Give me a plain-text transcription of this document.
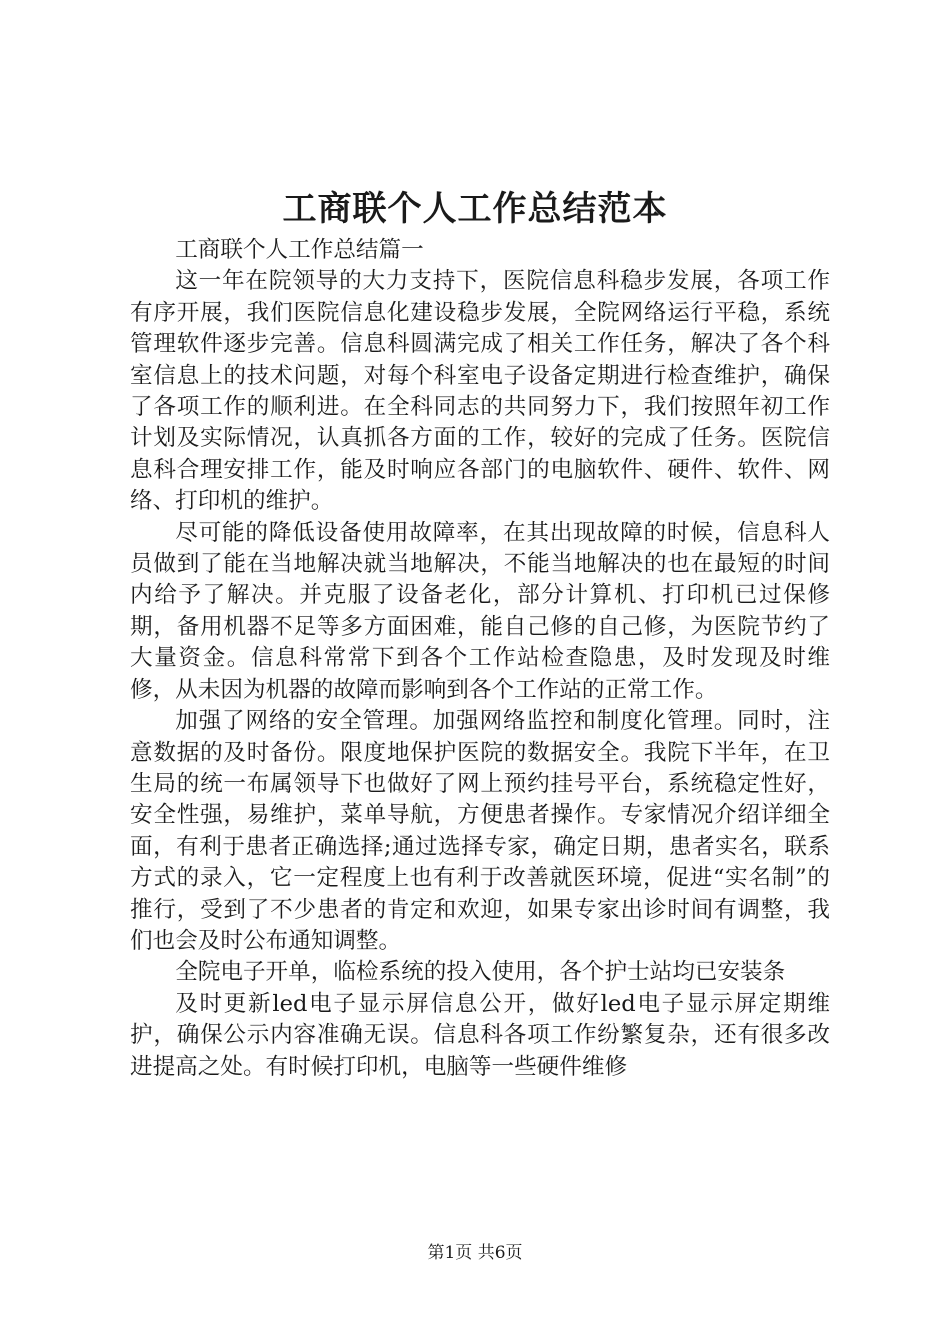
工商联个人工作总结范本

工商联个人工作总结篇一

这一年在院领导的大力支持下，医院信息科稳步发展，各项工作有序开展，我们医院信息化建设稳步发展，全院网络运行平稳，系统管理软件逐步完善。信息科圆满完成了相关工作任务，解决了各个科室信息上的技术问题，对每个科室电子设备定期进行检查维护，确保了各项工作的顺利进。在全科同志的共同努力下，我们按照年初工作计划及实际情况，认真抓各方面的工作，较好的完成了任务。医院信息科合理安排工作，能及时响应各部门的电脑软件、硬件、软件、网络、打印机的维护。

尽可能的降低设备使用故障率，在其出现故障的时候，信息科人员做到了能在当地解决就当地解决，不能当地解决的也在最短的时间内给予了解决。并克服了设备老化，部分计算机、打印机已过保修期，备用机器不足等多方面困难，能自己修的自己修，为医院节约了大量资金。信息科常常下到各个工作站检查隐患，及时发现及时维修，从未因为机器的故障而影响到各个工作站的正常工作。

加强了网络的安全管理。加强网络监控和制度化管理。同时，注意数据的及时备份。限度地保护医院的数据安全。我院下半年，在卫生局的统一布属领导下也做好了网上预约挂号平台，系统稳定性好，安全性强，易维护，菜单导航，方便患者操作。专家情况介绍详细全面，有利于患者正确选择;通过选择专家，确定日期，患者实名，联系方式的录入，它一定程度上也有利于改善就医环境，促进“实名制”的推行，受到了不少患者的肯定和欢迎，如果专家出诊时间有调整，我们也会及时公布通知调整。

全院电子开单，临检系统的投入使用，各个护士站均已安装条

及时更新led电子显示屏信息公开，做好led电子显示屏定期维护，确保公示内容准确无误。信息科各项工作纷繁复杂，还有很多改进提高之处。有时候打印机，电脑等一些硬件维修

第1页 共6页
